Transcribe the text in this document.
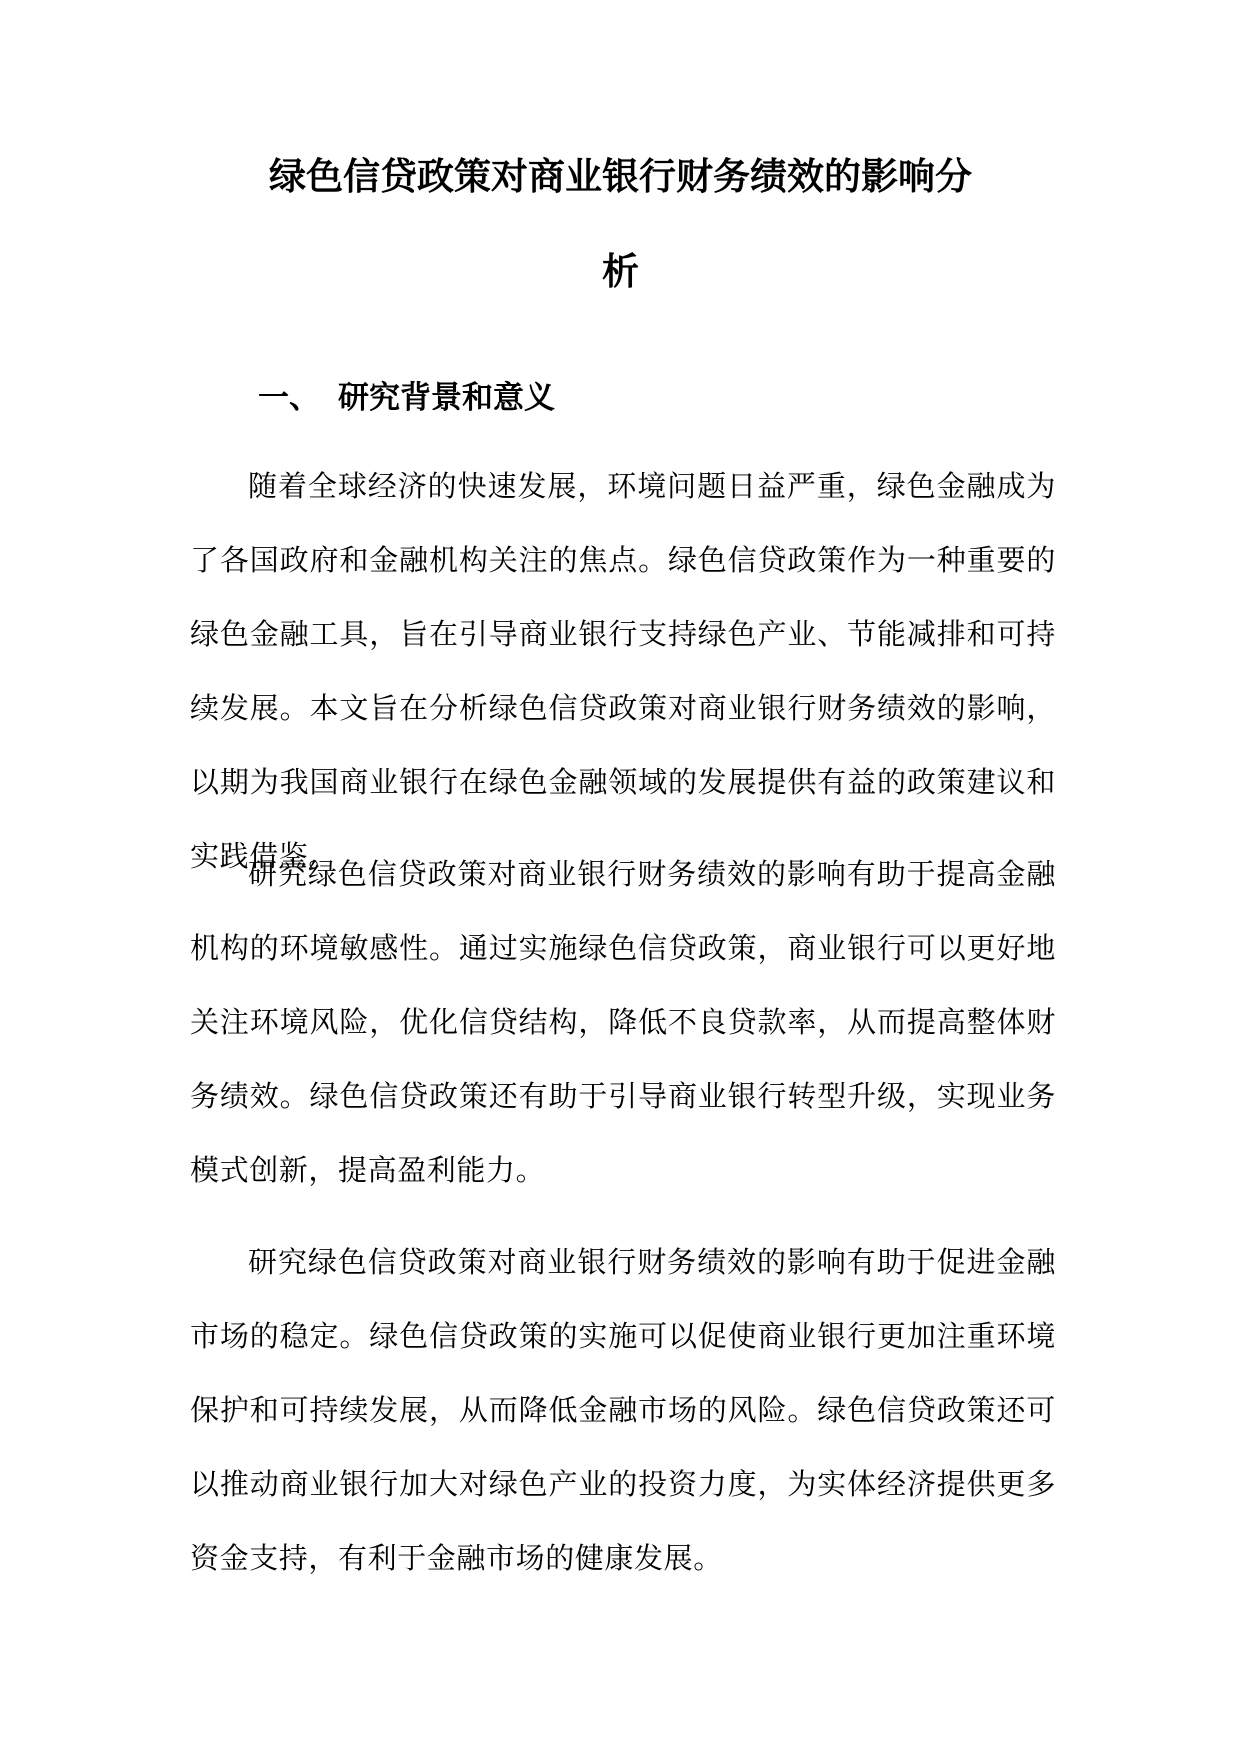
绿色信贷政策对商业银行财务绩效的影响分
析
一、 研究背景和意义

随着全球经济的快速发展，环境问题日益严重，绿色金融成为了各国政府和金融机构关注的焦点。绿色信贷政策作为一种重要的绿色金融工具，旨在引导商业银行支持绿色产业、节能减排和可持续发展。本文旨在分析绿色信贷政策对商业银行财务绩效的影响，以期为我国商业银行在绿色金融领域的发展提供有益的政策建议和实践借鉴。

研究绿色信贷政策对商业银行财务绩效的影响有助于提高金融机构的环境敏感性。通过实施绿色信贷政策，商业银行可以更好地关注环境风险，优化信贷结构，降低不良贷款率，从而提高整体财务绩效。绿色信贷政策还有助于引导商业银行转型升级，实现业务模式创新，提高盈利能力。

研究绿色信贷政策对商业银行财务绩效的影响有助于促进金融市场的稳定。绿色信贷政策的实施可以促使商业银行更加注重环境保护和可持续发展，从而降低金融市场的风险。绿色信贷政策还可以推动商业银行加大对绿色产业的投资力度，为实体经济提供更多资金支持，有利于金融市场的健康发展。
